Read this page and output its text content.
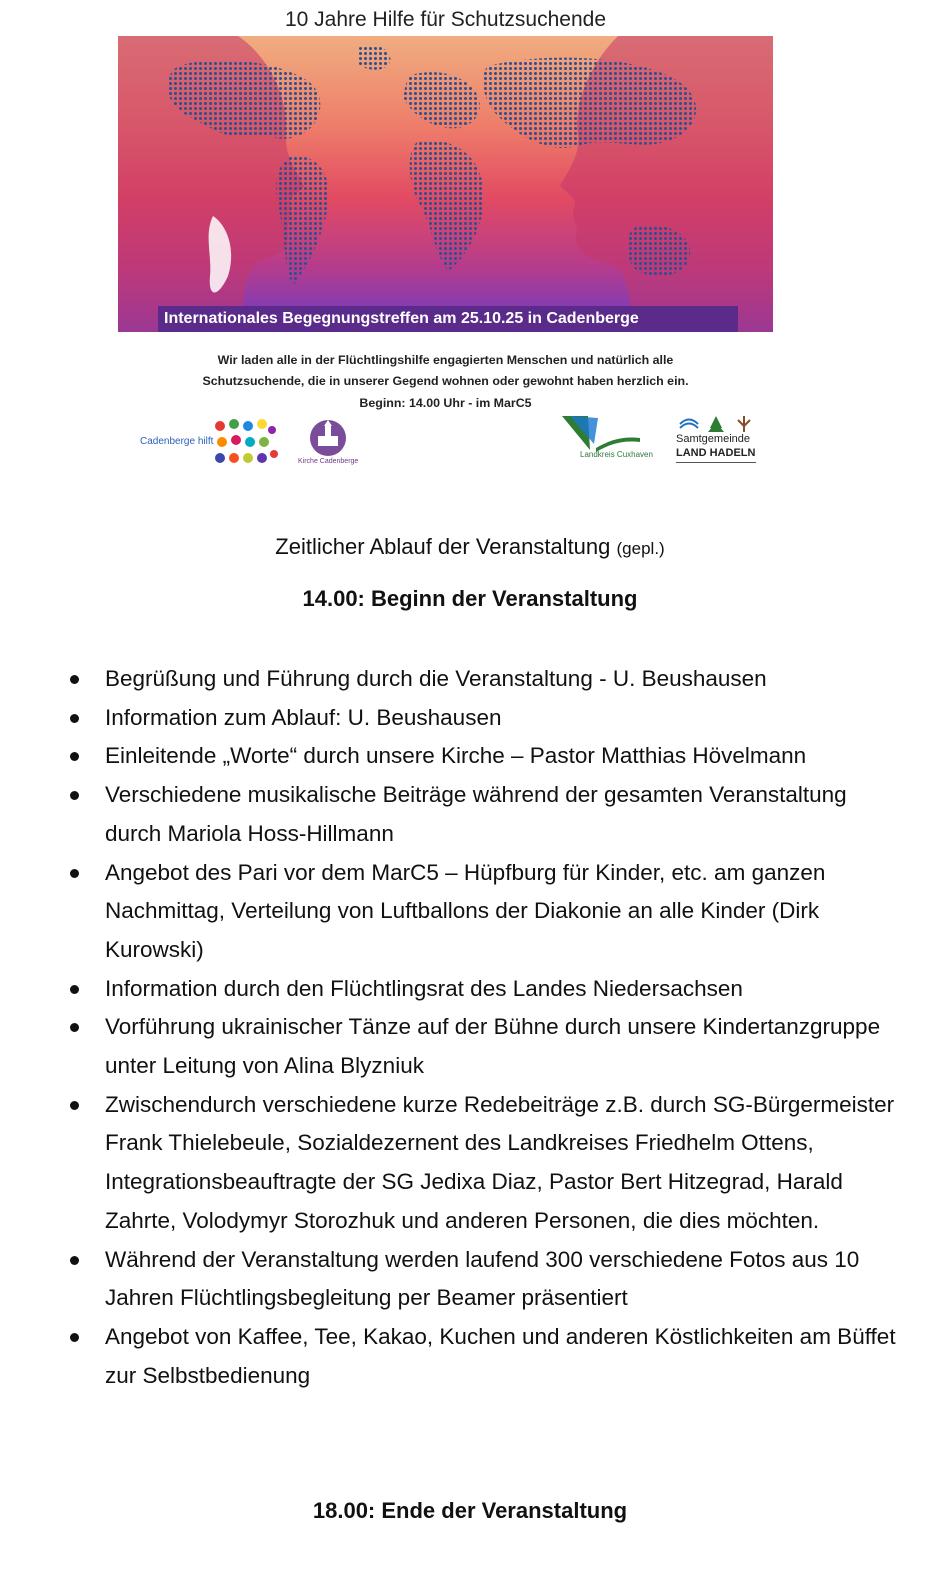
10 Jahre Hilfe für Schutzsuchende
Internationales Begegnungstreffen am 25.10.25 in Cadenberge
Wir laden alle in der Flüchtlingshilfe engagierten Menschen und natürlich alle
Schutzsuchende, die in unserer Gegend wohnen oder gewohnt haben herzlich ein.
Beginn: 14.00 Uhr - im MarC5
Cadenberge hilft
Kirche Cadenberge
Landkreis Cuxhaven
Samtgemeinde
LAND HADELN
Zeitlicher Ablauf der Veranstaltung (gepl.)
14.00: Beginn der Veranstaltung
Begrüßung und Führung durch die Veranstaltung - U. Beushausen
Information zum Ablauf: U. Beushausen
Einleitende „Worte“ durch unsere Kirche – Pastor Matthias Hövelmann
Verschiedene musikalische Beiträge während der gesamten Veranstaltung durch Mariola Hoss-Hillmann
Angebot des Pari vor dem MarC5 – Hüpfburg für Kinder, etc. am ganzen Nachmittag, Verteilung von Luftballons der Diakonie an alle Kinder (Dirk Kurowski)
Information durch den Flüchtlingsrat des Landes Niedersachsen
Vorführung ukrainischer Tänze auf der Bühne durch unsere Kindertanzgruppe unter Leitung von Alina Blyzniuk
Zwischendurch verschiedene kurze Redebeiträge z.B. durch SG-Bürgermeister Frank Thielebeule, Sozialdezernent des Landkreises Friedhelm Ottens, Integrationsbeauftragte der SG Jedixa Diaz, Pastor Bert Hitzegrad, Harald Zahrte, Volodymyr Storozhuk und anderen Personen, die dies möchten.
Während der Veranstaltung werden laufend 300 verschiedene Fotos aus 10 Jahren Flüchtlingsbegleitung per Beamer präsentiert
Angebot von Kaffee, Tee, Kakao, Kuchen und anderen Köstlichkeiten am Büffet zur Selbstbedienung
18.00: Ende der Veranstaltung
